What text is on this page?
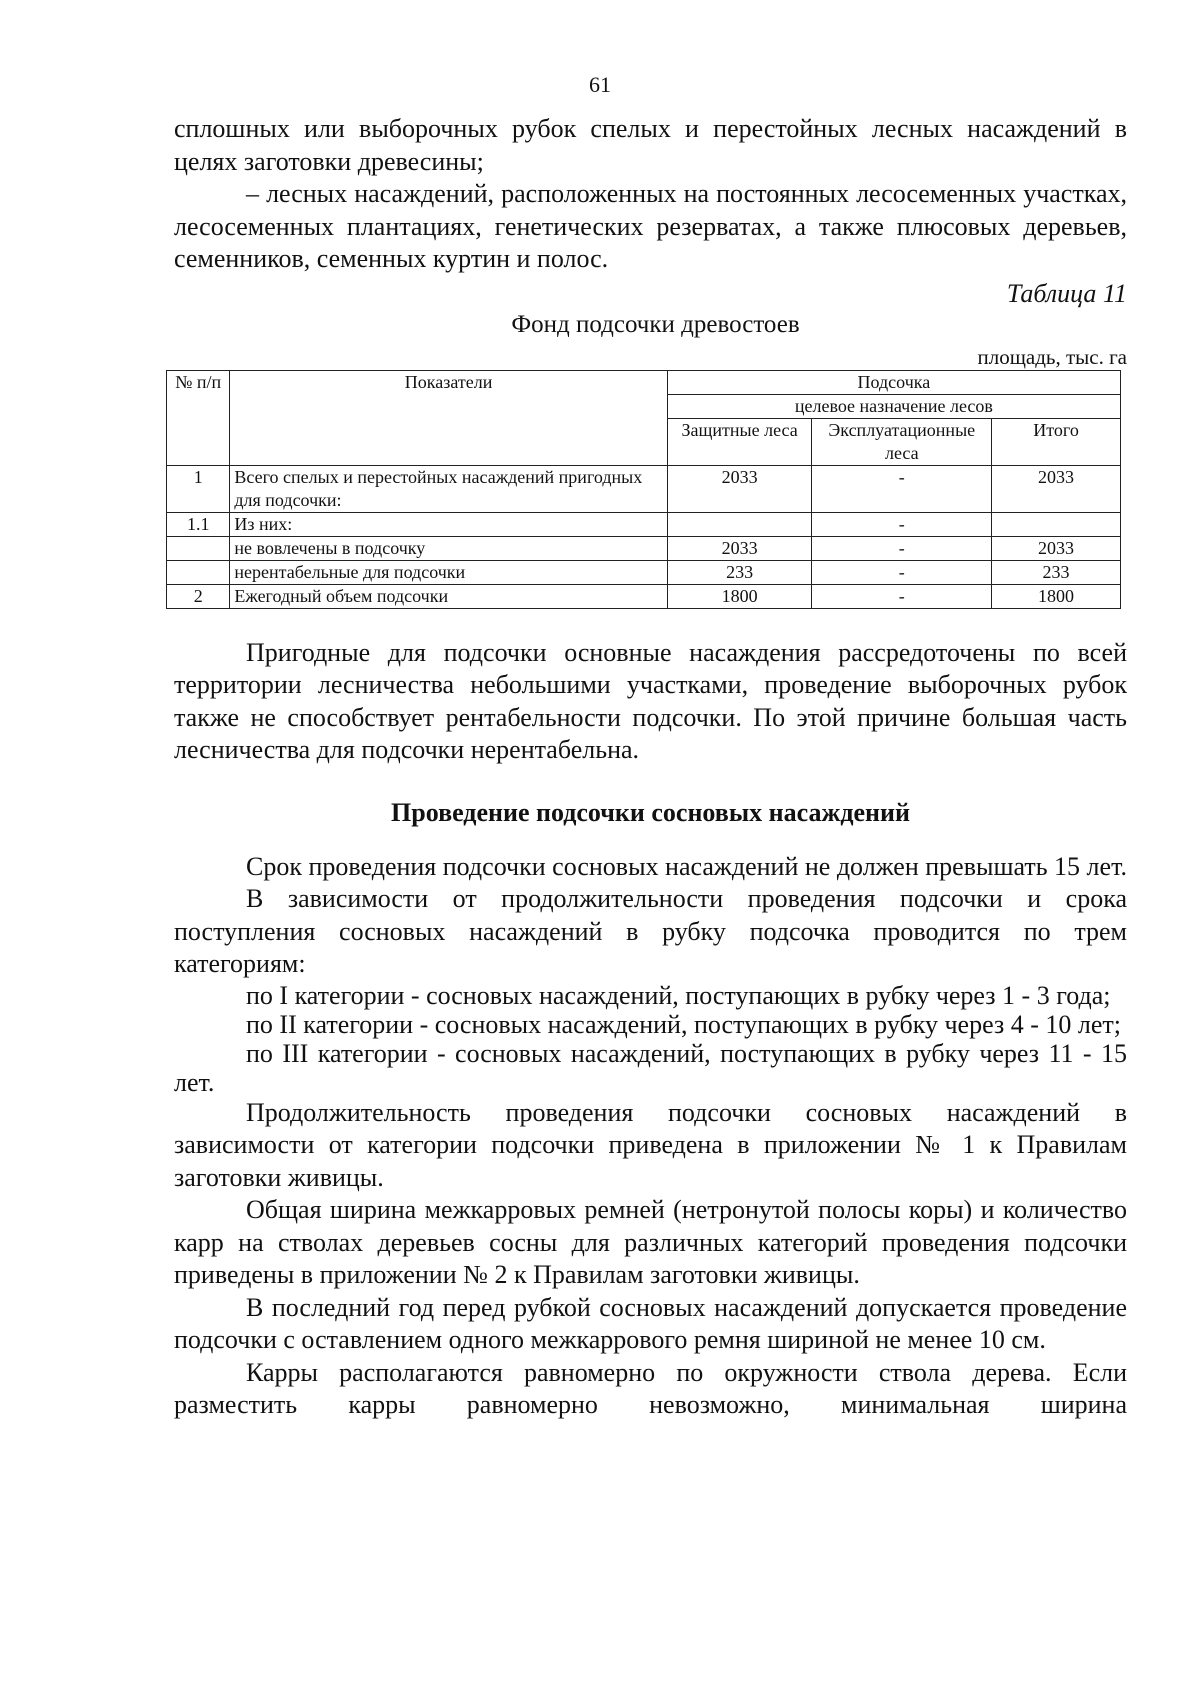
61

сплошных или выборочных рубок спелых и перестойных лесных насаждений в целях заготовки древесины;

– лесных насаждений, расположенных на постоянных лесосеменных участках, лесосеменных плантациях, генетических резерватах, а также плюсовых деревьев, семенников, семенных куртин и полос.

Таблица 11

Фонд подсочки древостоев

площадь, тыс. га

№ п/п	Показатели	Подсочка		
		целевое назначение лесов		
		Защитные леса	Эксплуатационные леса	Итого
1	Всего спелых и перестойных насаждений пригодных для подсочки:	2033	-	2033
1.1	Из них:		-	
	не вовлечены в подсочку	2033	-	2033
	нерентабельные для подсочки	233	-	233
2	Ежегодный объем подсочки	1800	-	1800

Пригодные для подсочки основные насаждения рассредоточены по всей территории лесничества небольшими участками, проведение выборочных рубок также не способствует рентабельности подсочки. По этой причине большая часть лесничества для подсочки нерентабельна.

Проведение подсочки сосновых насаждений

Срок проведения подсочки сосновых насаждений не должен превышать 15 лет.

В зависимости от продолжительности проведения подсочки и срока поступления сосновых насаждений в рубку подсочка проводится по трем категориям:

по I категории - сосновых насаждений, поступающих в рубку через 1 - 3 года;

по II категории - сосновых насаждений, поступающих в рубку через 4 - 10 лет;

по III категории - сосновых насаждений, поступающих в рубку через 11 - 15 лет.

Продолжительность проведения подсочки сосновых насаждений в зависимости от категории подсочки приведена в приложении № 1 к Правилам заготовки живицы.

Общая ширина межкарровых ремней (нетронутой полосы коры) и количество карр на стволах деревьев сосны для различных категорий проведения подсочки приведены в приложении № 2 к Правилам заготовки живицы.

В последний год перед рубкой сосновых насаждений допускается проведение подсочки с оставлением одного межкаррового ремня шириной не менее 10 см.

Карры располагаются равномерно по окружности ствола дерева. Если разместить карры равномерно невозможно, минимальная ширина
